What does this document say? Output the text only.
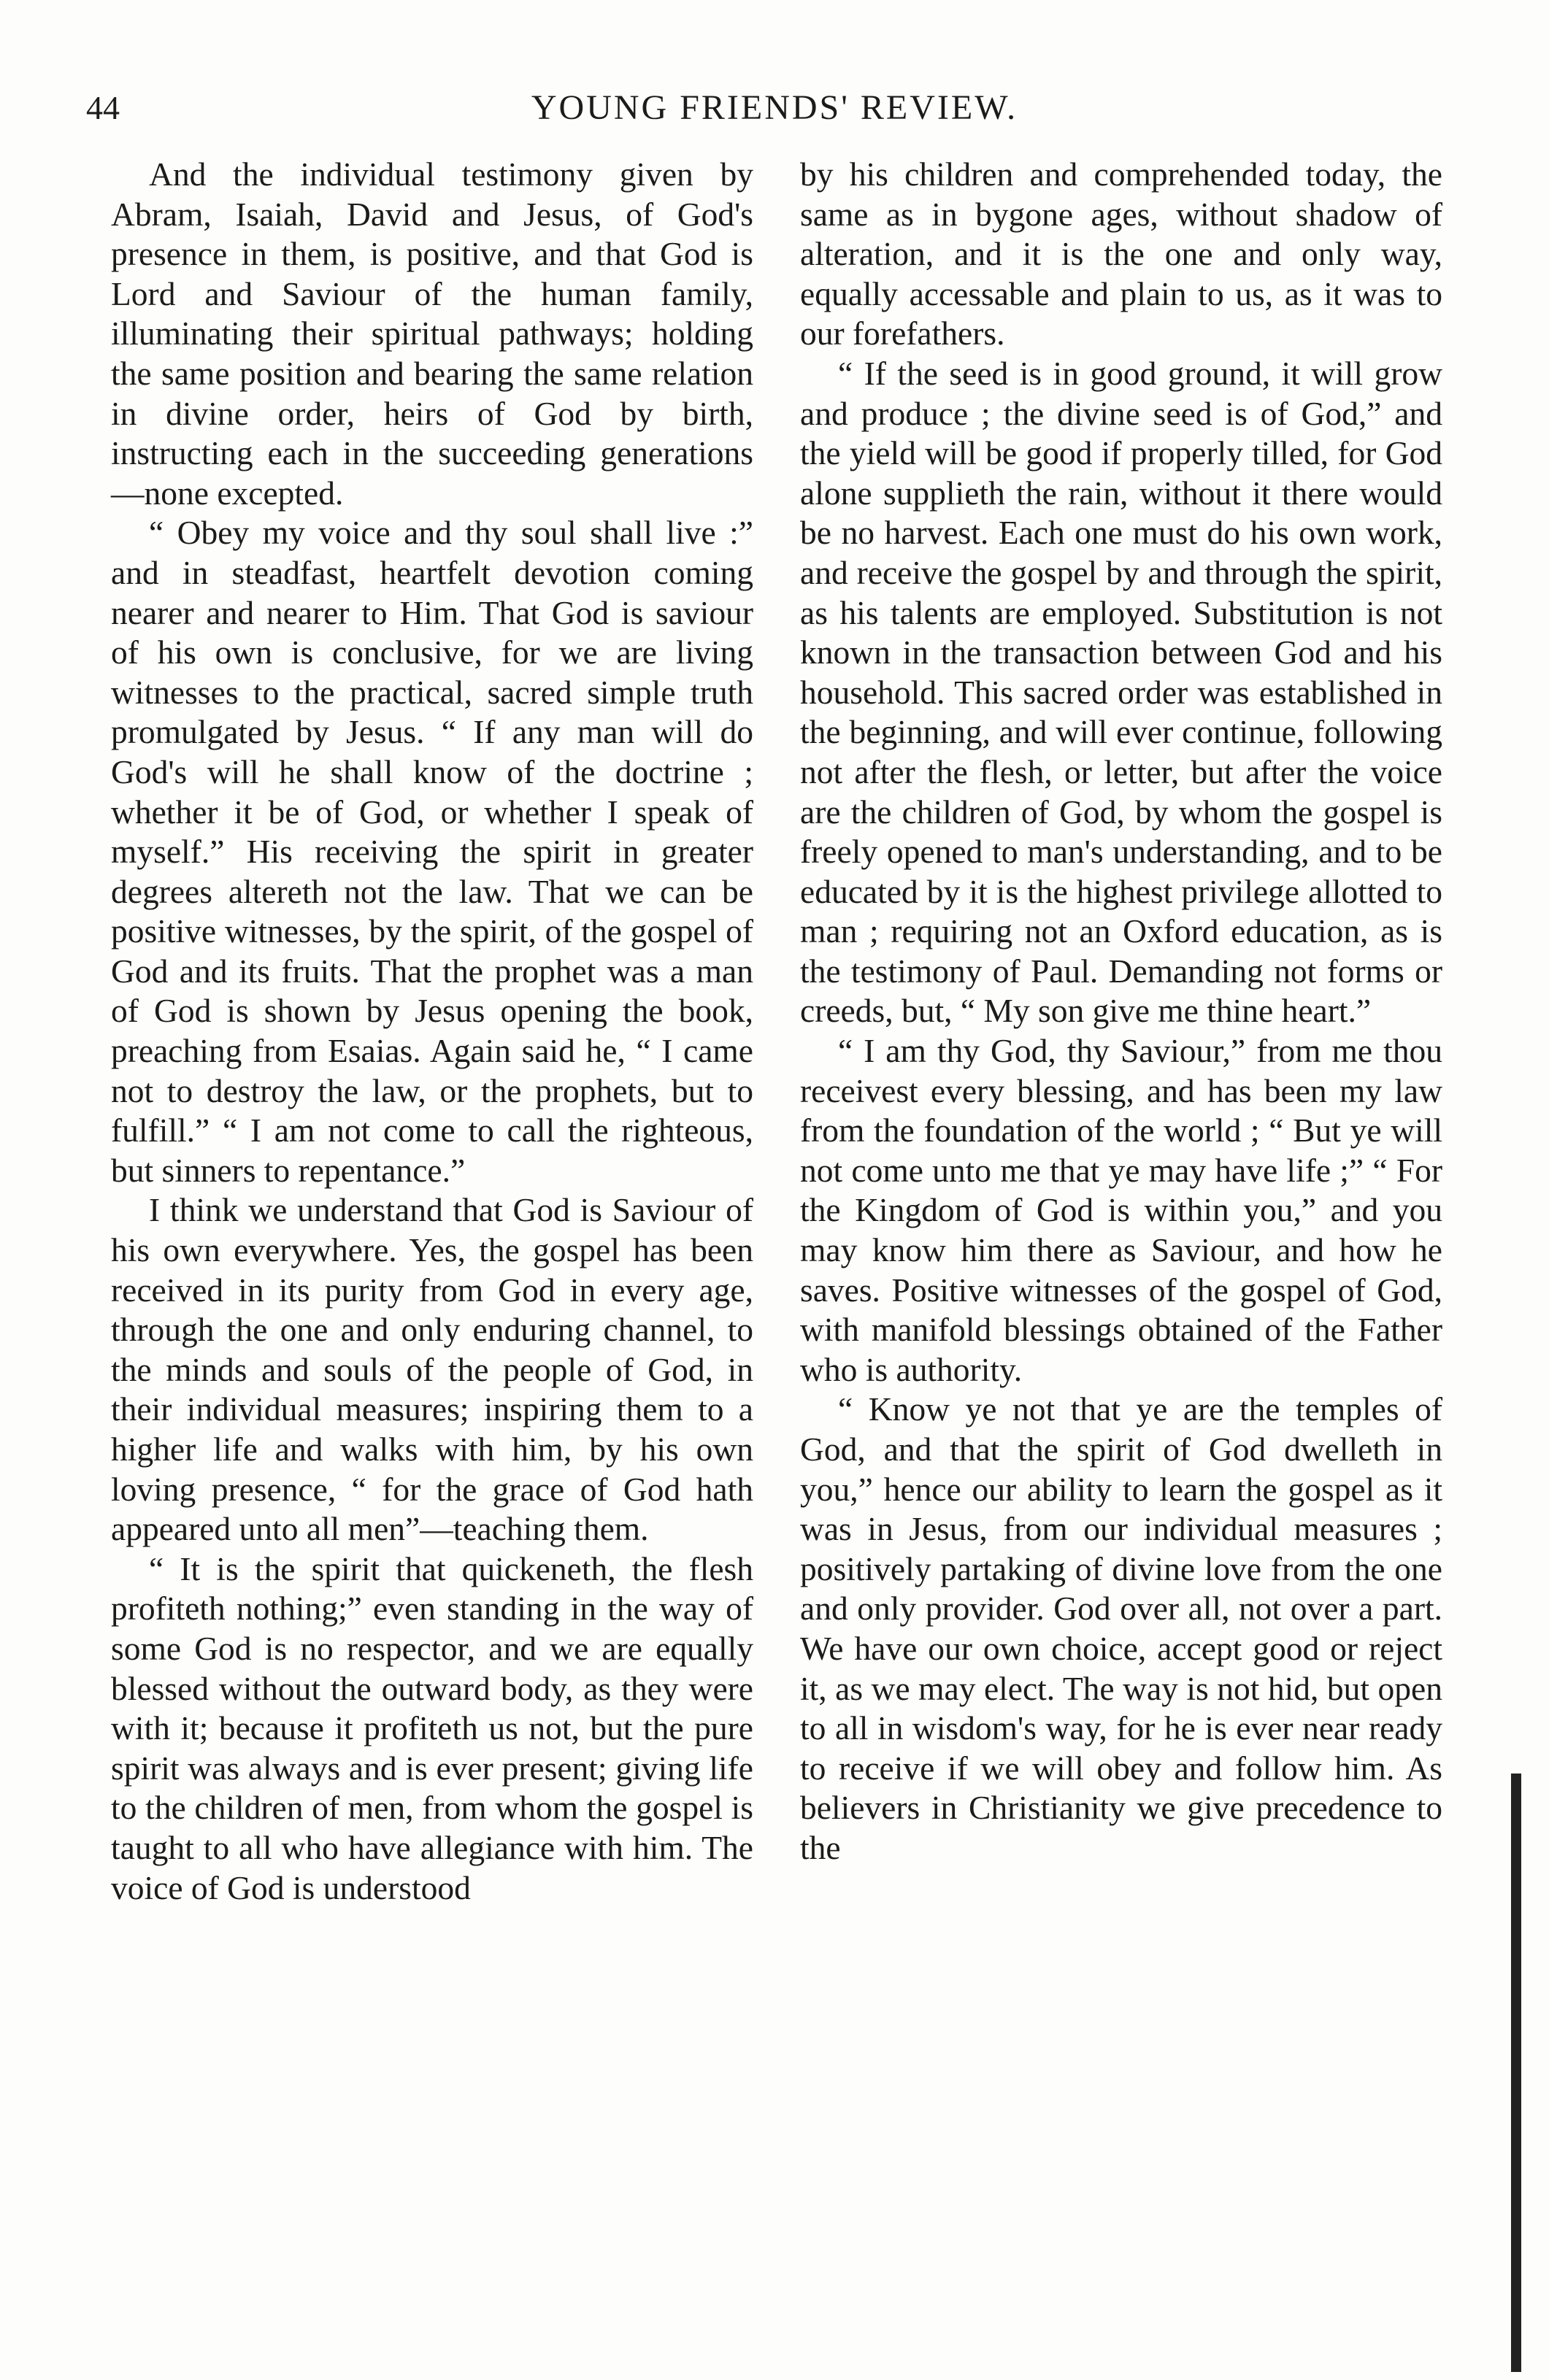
44	YOUNG FRIENDS' REVIEW.

And the individual testimony given by Abram, Isaiah, David and Jesus, of God's presence in them, is positive, and that God is Lord and Saviour of the human family, illuminating their spiritual pathways; holding the same position and bearing the same relation in divine order, heirs of God by birth, instructing each in the succeeding generations—none excepted.

“ Obey my voice and thy soul shall live :” and in steadfast, heartfelt devotion coming nearer and nearer to Him. That God is saviour of his own is conclusive, for we are living witnesses to the practical, sacred simple truth promulgated by Jesus. “ If any man will do God's will he shall know of the doctrine ; whether it be of God, or whether I speak of myself.” His receiving the spirit in greater degrees altereth not the law. That we can be positive witnesses, by the spirit, of the gospel of God and its fruits. That the prophet was a man of God is shown by Jesus opening the book, preaching from Esaias. Again said he, “ I came not to destroy the law, or the prophets, but to fulfill.” “ I am not come to call the righteous, but sinners to repentance.”

I think we understand that God is Saviour of his own everywhere. Yes, the gospel has been received in its purity from God in every age, through the one and only enduring channel, to the minds and souls of the people of God, in their individual measures; inspiring them to a higher life and walks with him, by his own loving presence, “ for the grace of God hath appeared unto all men”—teaching them.

“ It is the spirit that quickeneth, the flesh profiteth nothing;” even standing in the way of some God is no respector, and we are equally blessed without the outward body, as they were with it; because it profiteth us not, but the pure spirit was always and is ever present; giving life to the children of men, from whom the gospel is taught to all who have allegiance with him. The voice of God is understood

by his children and comprehended today, the same as in bygone ages, without shadow of alteration, and it is the one and only way, equally accessable and plain to us, as it was to our forefathers.

“ If the seed is in good ground, it will grow and produce ; the divine seed is of God,” and the yield will be good if properly tilled, for God alone supplieth the rain, without it there would be no harvest. Each one must do his own work, and receive the gospel by and through the spirit, as his talents are employed. Substitution is not known in the transaction between God and his household. This sacred order was established in the beginning, and will ever continue, following not after the flesh, or letter, but after the voice are the children of God, by whom the gospel is freely opened to man's understanding, and to be educated by it is the highest privilege allotted to man ; requiring not an Oxford education, as is the testimony of Paul. Demanding not forms or creeds, but, “ My son give me thine heart.”

“ I am thy God, thy Saviour,” from me thou receivest every blessing, and has been my law from the foundation of the world ; “ But ye will not come unto me that ye may have life ;” “ For the Kingdom of God is within you,” and you may know him there as Saviour, and how he saves. Positive witnesses of the gospel of God, with manifold blessings obtained of the Father who is authority.

“ Know ye not that ye are the temples of God, and that the spirit of God dwelleth in you,” hence our ability to learn the gospel as it was in Jesus, from our individual measures ; positively partaking of divine love from the one and only provider. God over all, not over a part. We have our own choice, accept good or reject it, as we may elect. The way is not hid, but open to all in wisdom's way, for he is ever near ready to receive if we will obey and follow him. As believers in Christianity we give precedence to the
